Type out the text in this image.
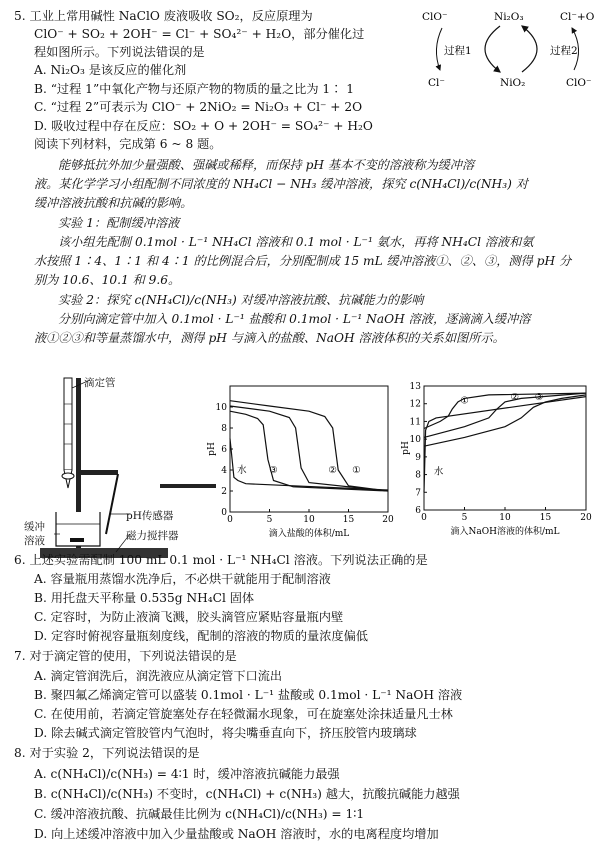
5. 工业上常用碱性 NaClO 废液吸收 SO₂，反应原理为
ClO⁻ + SO₂ + 2OH⁻ = Cl⁻ + SO₄²⁻ + H₂O，部分催化过
程如图所示。下列说法错误的是
A. Ni₂O₃ 是该反应的催化剂
B. “过程 1”中氧化产物与还原产物的物质的量之比为 1∶ 1
C. “过程 2”可表示为 ClO⁻ + 2NiO₂ = Ni₂O₃ + Cl⁻ + 2O
D. 吸收过程中存在反应：SO₂ + O + 2OH⁻ = SO₄²⁻ + H₂O
ClO⁻	Ni₂O₃	Cl⁻+O
过程1	过程2
Cl⁻	NiO₂	ClO⁻
阅读下列材料，完成第 6 ~ 8 题。
能够抵抗外加少量强酸、强碱或稀释，而保持 pH 基本不变的溶液称为缓冲溶
液。某化学学习小组配制不同浓度的 NH₄Cl − NH₃ 缓冲溶液，探究 c(NH₄Cl)/c(NH₃) 对
缓冲溶液抗酸和抗碱的影响。
实验 1：配制缓冲溶液
该小组先配制 0.1mol · L⁻¹ NH₄Cl 溶液和 0.1 mol · L⁻¹ 氨水，再将 NH₄Cl 溶液和氨
水按照 1∶4、1∶1 和 4∶1 的比例混合后，分别配制成 15 mL 缓冲溶液①、②、③，测得 pH 分
别为 10.6、10.1 和 9.6。
实验 2：探究 c(NH₄Cl)/c(NH₃) 对缓冲溶液抗酸、抗碱能力的影响
分别向滴定管中加入 0.1mol · L⁻¹ 盐酸和 0.1mol · L⁻¹ NaOH 溶液，逐滴滴入缓冲溶
液①②③和等量蒸馏水中，测得 pH 与滴入的盐酸、NaOH 溶液体积的关系如图所示。
滴定管
缓冲
溶液
pH传感器
磁力搅拌器
0	5	10	15	20
0
2
4
6
8
10
pH
滴入盐酸的体积/mL
水 ③	② ①
0	5	10	15	20
6
7
8
9
10
11
12
13
pH
滴入NaOH溶液的体积/mL
水
①	② ③
6. 上述实验需配制 100 mL 0.1 mol · L⁻¹ NH₄Cl 溶液。下列说法正确的是
A. 容量瓶用蒸馏水洗净后，不必烘干就能用于配制溶液
B. 用托盘天平称量 0.535g NH₄Cl 固体
C. 定容时，为防止液滴飞溅，胶头滴管应紧贴容量瓶内壁
D. 定容时俯视容量瓶刻度线，配制的溶液的物质的量浓度偏低
7. 对于滴定管的使用，下列说法错误的是
A. 滴定管润洗后，润洗液应从滴定管下口流出
B. 聚四氟乙烯滴定管可以盛装 0.1mol · L⁻¹ 盐酸或 0.1mol · L⁻¹ NaOH 溶液
C. 在使用前，若滴定管旋塞处存在轻微漏水现象，可在旋塞处涂抹适量凡士林
D. 除去碱式滴定管胶管内气泡时，将尖嘴垂直向下，挤压胶管内玻璃球
8. 对于实验 2，下列说法错误的是
A. c(NH₄Cl)/c(NH₃) = 4∶1 时，缓冲溶液抗碱能力最强
B. c(NH₄Cl)/c(NH₃) 不变时，c(NH₄Cl) + c(NH₃) 越大，抗酸抗碱能力越强
C. 缓冲溶液抗酸、抗碱最佳比例为 c(NH₄Cl)/c(NH₃) = 1∶1
D. 向上述缓冲溶液中加入少量盐酸或 NaOH 溶液时，水的电离程度均增加
